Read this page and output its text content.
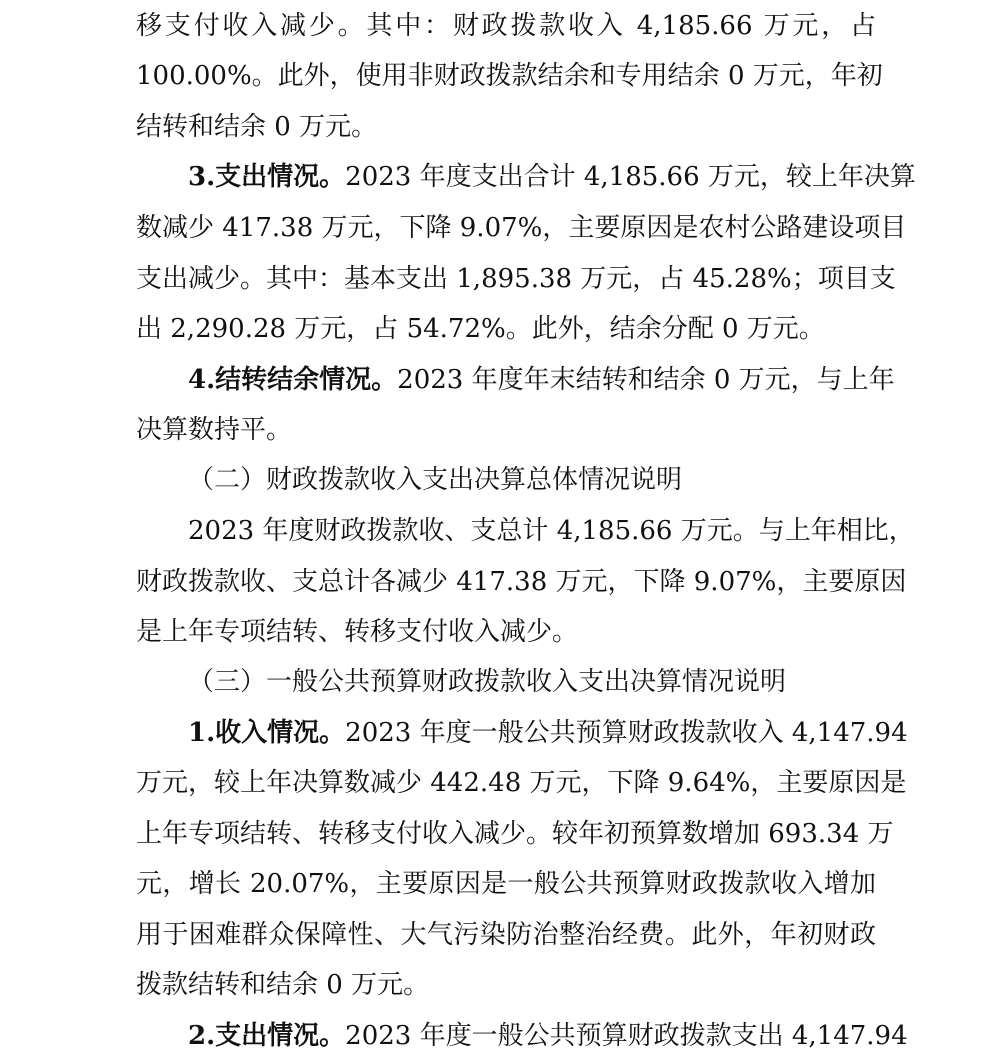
移支付收入减少。其中：财政拨款收入 4,185.66 万元，占
100.00%。此外，使用非财政拨款结余和专用结余 0 万元，年初
结转和结余 0 万元。
3.支出情况。2023 年度支出合计 4,185.66 万元，较上年决算
数减少 417.38 万元，下降 9.07%，主要原因是农村公路建设项目
支出减少。其中：基本支出 1,895.38 万元，占 45.28%；项目支
出 2,290.28 万元，占 54.72%。此外，结余分配 0 万元。
4.结转结余情况。2023 年度年末结转和结余 0 万元，与上年
决算数持平。
（二）财政拨款收入支出决算总体情况说明
2023 年度财政拨款收、支总计 4,185.66 万元。与上年相比，
财政拨款收、支总计各减少 417.38 万元，下降 9.07%，主要原因
是上年专项结转、转移支付收入减少。
（三）一般公共预算财政拨款收入支出决算情况说明
1.收入情况。2023 年度一般公共预算财政拨款收入 4,147.94
万元，较上年决算数减少 442.48 万元，下降 9.64%，主要原因是
上年专项结转、转移支付收入减少。较年初预算数增加 693.34 万
元，增长 20.07%，主要原因是一般公共预算财政拨款收入增加
用于困难群众保障性、大气污染防治整治经费。此外，年初财政
拨款结转和结余 0 万元。
2.支出情况。2023 年度一般公共预算财政拨款支出 4,147.94
